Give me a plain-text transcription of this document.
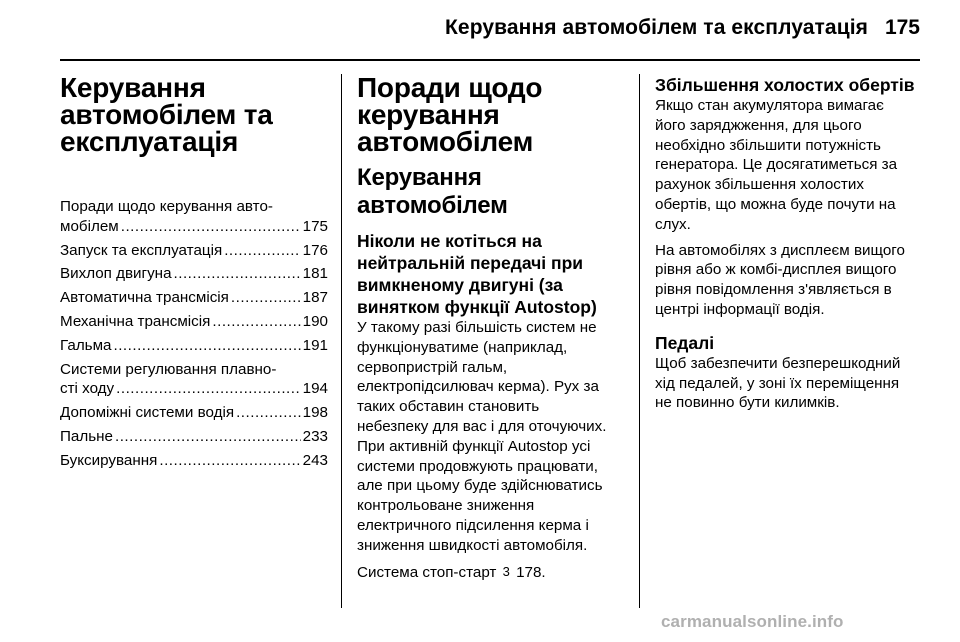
Керування автомобілем та експлуатація 175
Керування
автомобілем та
експлуатація
Поради щодо керування авто-
мобілем .....	175
Запуск та експлуатація .....	176
Вихлоп двигуна .....	181
Автоматична трансмісія .....	187
Механічна трансмісія .....	190
Гальма .....	191
Системи регулювання плавно-
сті ходу .....	194
Допоміжні системи водія .....	198
Пальне .....	233
Буксирування .....	243
Поради щодо
керування
автомобілем
Керування автомобілем
Ніколи не котіться на
нейтральній передачі при
вимкненому двигуні (за
винятком функції Autostop)
У такому разі більшість систем не
функціонуватиме (наприклад,
сервопристрій гальм,
електропідсилювач керма). Рух за
таких обставин становить
небезпеку для вас і для оточуючих.
При активній функції Autostop усі
системи продовжують працювати,
але при цьому буде здійснюватись
контрольоване зниження
електричного підсилення керма і
зниження швидкості автомобіля.
Система стоп-старт 3 178.
Збільшення холостих обертів
Якщо стан акумулятора вимагає
його заряджження, для цього
необхідно збільшити потужність
генератора. Це досягатиметься за
рахунок збільшення холостих
обертів, що можна буде почути на
слух.
На автомобілях з дисплеєм вищого
рівня або ж комбі-дисплея вищого
рівня повідомлення з'являється в
центрі інформації водія.
Педалі
Щоб забезпечити безперешкодний
хід педалей, у зоні їх переміщення
не повинно бути килимків.
carmanualsonline.info
